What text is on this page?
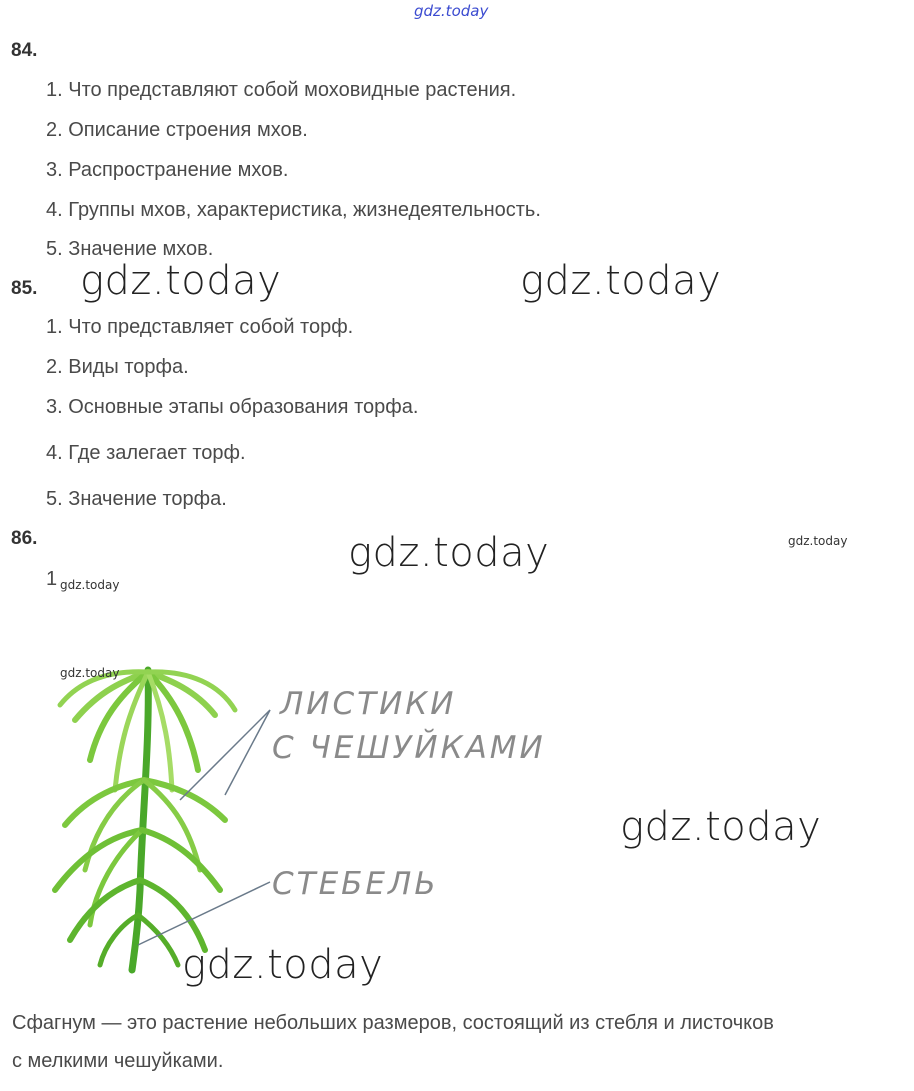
gdz.today
84.
1. Что представляют собой моховидные растения.
2. Описание строения мхов.
3. Распространение мхов.
4. Группы мхов, характеристика, жизнедеятельность.
5. Значение мхов.
85. gdz.today	gdz.today
1. Что представляет собой торф.
2. Виды торфа.
3. Основные этапы образования торфа.
4. Где залегает торф.
5. Значение торфа.
86.	gdz.today	gdz.today
1 gdz.today
gdz.today
ЛИСТИКИ
С ЧЕШУЙКАМИ
СТЕБЕЛЬ
gdz.today
gdz.today
Сфагнум — это растение небольших размеров, состоящий из стебля и листочков
с мелкими чешуйками.
